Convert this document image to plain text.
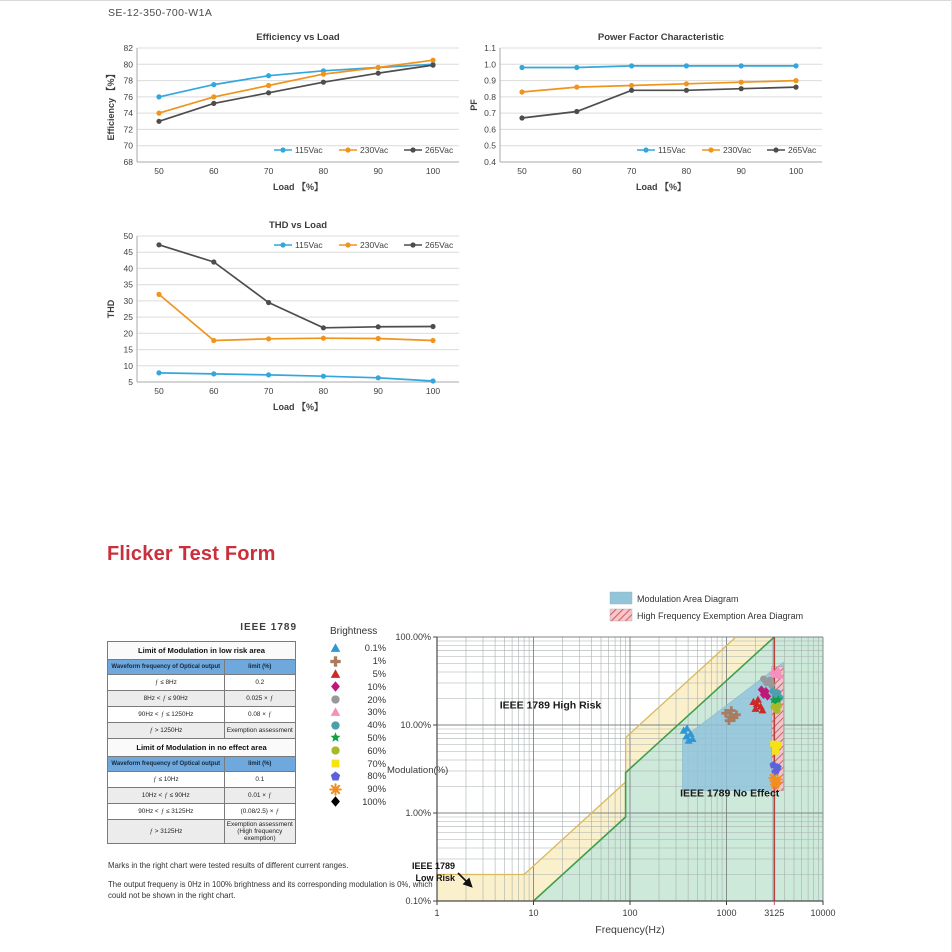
SE-12-350-700-W1A
68
70
72
74
76
78
80
82
50	60	70	80	90	100
115Vac	230Vac	265Vac
Efficiency vs Load
Load 【%】
Efficiency 【%】
0.4
0.5
0.6
0.7
0.8
0.9
1.0
1.1
50	60	70	80	90	100
115Vac	230Vac	265Vac
Power Factor Characteristic
Load 【%】
PF
5
10
15
20
25
30
35
40
45
50
50	60	70	80	90	100
115Vac	230Vac	265Vac
THD vs Load
Load 【%】
THD
Flicker Test Form
IEEE 1789
Limit of Modulation in low risk area	
Waveform frequency of Optical output	limit (%)
f ≤ 8Hz	0.2
8Hz < f ≤ 90Hz	0.025 × f
90Hz < f ≤ 1250Hz	0.08 × f
f > 1250Hz	Exemption assessment
Limit of Modulation in no effect area	
Waveform frequency of Optical output	limit (%)
f ≤ 10Hz	0.1
10Hz < f ≤ 90Hz	0.01 × f
90Hz < f ≤ 3125Hz	(0.08/2.5) × f
f > 3125Hz	Exemption assessment (High frequency exemption)
Brightness
0.1%
1%
5%
10%
20%
30%
40%
50%
60%
70%
80%
90%
100%
IEEE 1789 High Risk
IEEE 1789 No Effect
1	10	100	1000	3125	10000
100.00%
10.00%
1.00%
0.10%
Frequency(Hz)
Modulation(%)
IEEE 1789
Low Risk
Modulation Area Diagram
High Frequency Exemption Area Diagram

Marks in the right chart were tested results of different current ranges.

The output frequeny is 0Hz in 100% brightness and its corresponding modulation is 0%, which could not be shown in the right chart.
